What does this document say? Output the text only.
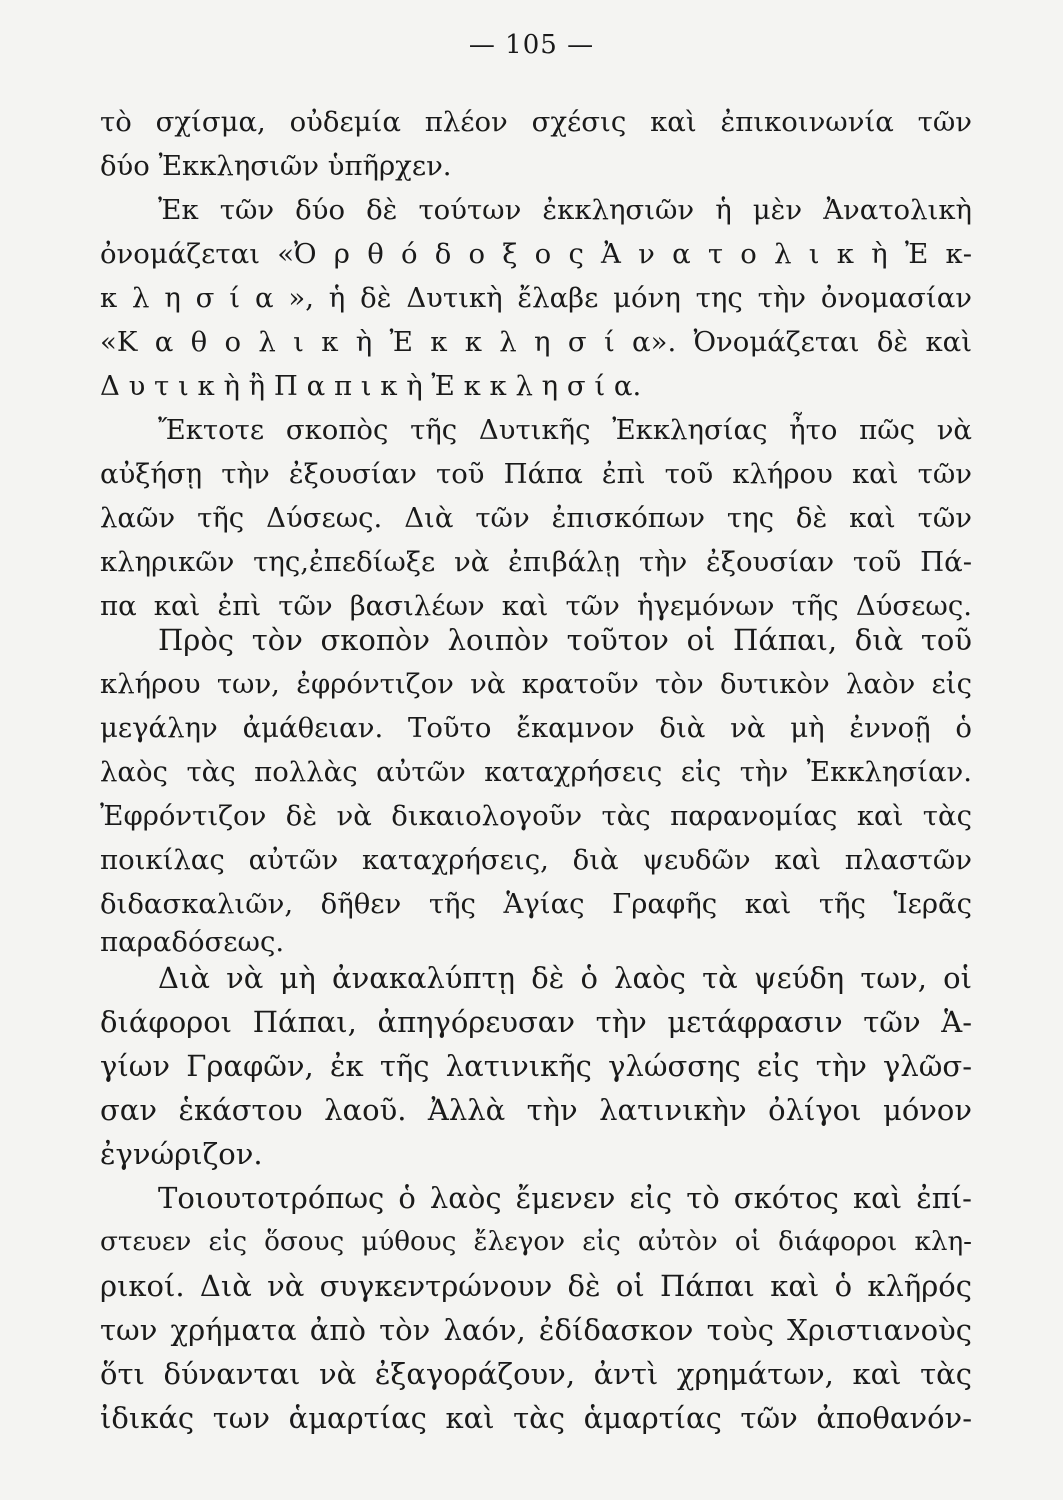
— 105 —
τὸ σχίσμα, οὐδεμία πλέον σχέσις καὶ ἐπικοινωνία τῶν
δύο Ἐκκλησιῶν ὑπῆρχεν.
Ἐκ τῶν δύο δὲ τούτων ἐκκλησιῶν ἡ μὲν Ἀνατολικὴ
ὀνομάζεται «Ὀ ρ θ ό δ ο ξ ο ς Ἀ ν α τ ο λ ι κ ὴ Ἐ κ-
κ λ η σ ί α », ἡ δὲ Δυτικὴ ἔλαβε μόνη της τὴν ὀνομασίαν
«Κ α θ ο λ ι κ ὴ Ἐ κ κ λ η σ ί α». Ὀνομάζεται δὲ καὶ
Δ υ τ ι κ ὴ ἢ Π α π ι κ ὴ Ἐ κ κ λ η σ ί α.
Ἔκτοτε σκοπὸς τῆς Δυτικῆς Ἐκκλησίας ἦτο πῶς νὰ
αὐξήσῃ τὴν ἐξουσίαν τοῦ Πάπα ἐπὶ τοῦ κλήρου καὶ τῶν
λαῶν τῆς Δύσεως. Διὰ τῶν ἐπισκόπων της δὲ καὶ τῶν
κληρικῶν της,ἐπεδίωξε νὰ ἐπιβάλῃ τὴν ἐξουσίαν τοῦ Πά-
πα καὶ ἐπὶ τῶν βασιλέων καὶ τῶν ἡγεμόνων τῆς Δύσεως.
Πρὸς τὸν σκοπὸν λοιπὸν τοῦτον οἱ Πάπαι, διὰ τοῦ
κλήρου των, ἐφρόντιζον νὰ κρατοῦν τὸν δυτικὸν λαὸν εἰς
μεγάλην ἀμάθειαν. Τοῦτο ἔκαμνον διὰ νὰ μὴ ἐννοῇ ὁ
λαὸς τὰς πολλὰς αὐτῶν καταχρήσεις εἰς τὴν Ἐκκλησίαν.
Ἐφρόντιζον δὲ νὰ δικαιολογοῦν τὰς παρανομίας καὶ τὰς
ποικίλας αὐτῶν καταχρήσεις, διὰ ψευδῶν καὶ πλαστῶν
διδασκαλιῶν, δῆθεν τῆς Ἁγίας Γραφῆς καὶ τῆς Ἱερᾶς
παραδόσεως.
Διὰ νὰ μὴ ἀνακαλύπτῃ δὲ ὁ λαὸς τὰ ψεύδη των, οἱ
διάφοροι Πάπαι, ἀπηγόρευσαν τὴν μετάφρασιν τῶν Ἁ-
γίων Γραφῶν, ἐκ τῆς λατινικῆς γλώσσης εἰς τὴν γλῶσ-
σαν ἑκάστου λαοῦ. Ἀλλὰ τὴν λατινικὴν ὀλίγοι μόνον
ἐγνώριζον.
Τοιουτοτρόπως ὁ λαὸς ἔμενεν εἰς τὸ σκότος καὶ ἐπί-
στευεν εἰς ὅσους μύθους ἔλεγον εἰς αὐτὸν οἱ διάφοροι κλη-
ρικοί. Διὰ νὰ συγκεντρώνουν δὲ οἱ Πάπαι καὶ ὁ κλῆρός
των χρήματα ἀπὸ τὸν λαόν, ἐδίδασκον τοὺς Χριστιανοὺς
ὅτι δύνανται νὰ ἐξαγοράζουν, ἀντὶ χρημάτων, καὶ τὰς
ἰδικάς των ἁμαρτίας καὶ τὰς ἁμαρτίας τῶν ἀποθανόν-
